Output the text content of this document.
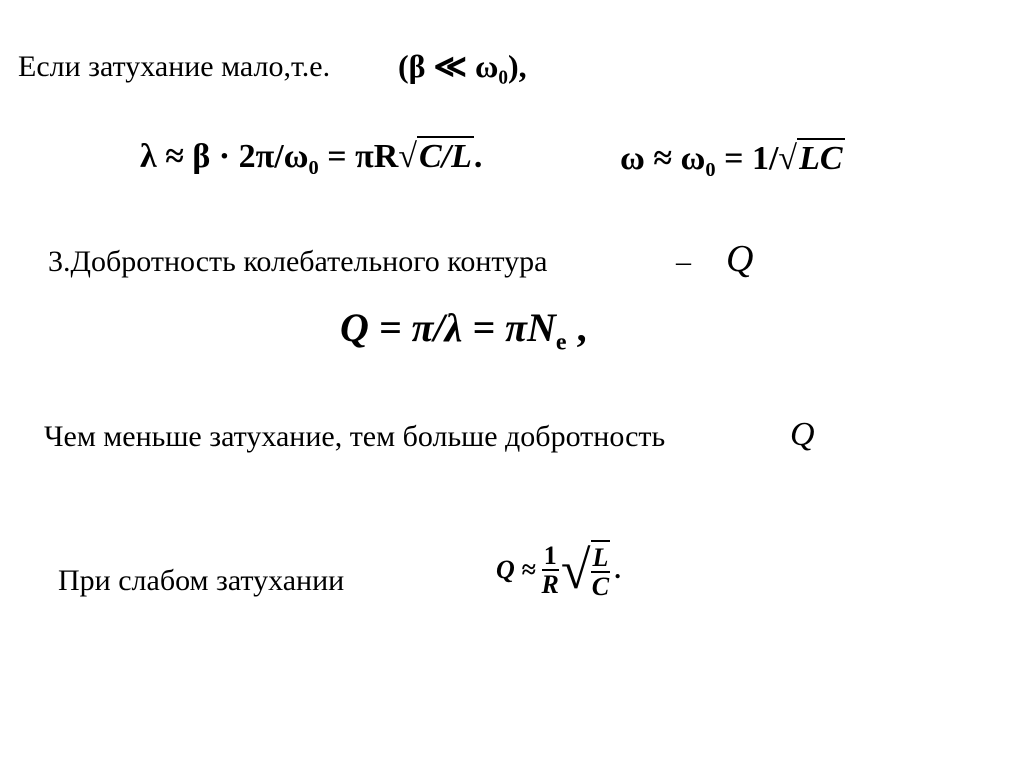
Если затухание мало,т.е. (β ≪ ω₀),
$\lambda \approx \beta \cdot 2\pi/\omega_0 = \pi R√C/L$.	$\omega \approx \omega_0 = 1/√LC$
3.Добротность колебательного контура	– Q
$Q = \pi/\lambda = \pi N_e$ ,
Чем меньше затухание, тем больше добротность	Q
При слабом затухании	$Q \approx \frac{1}{R}$ √ $\frac{L}{C}$ .
